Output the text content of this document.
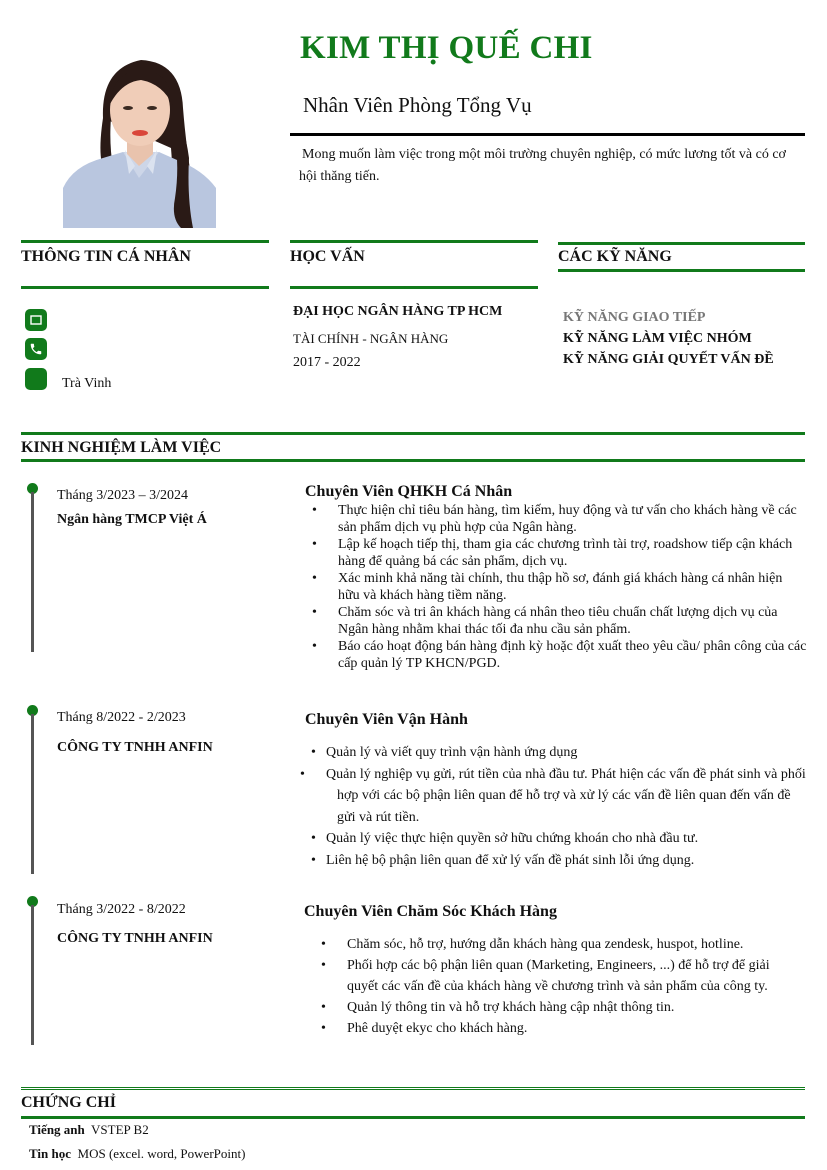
KIM THỊ QUẾ CHI
Nhân Viên Phòng Tổng Vụ
Mong muốn làm việc trong một môi trường chuyên nghiệp, có mức lương tốt và có cơ hội thăng tiến.
THÔNG TIN CÁ NHÂN
Trà Vinh
HỌC VẤN
ĐẠI HỌC NGÂN HÀNG TP HCM
TÀI CHÍNH - NGÂN HÀNG
2017 - 2022
CÁC KỸ NĂNG
KỸ NĂNG GIAO TIẾP
KỸ NĂNG LÀM VIỆC NHÓM
KỸ NĂNG GIẢI QUYẾT VẤN ĐỀ
KINH NGHIỆM LÀM VIỆC
Tháng 3/2023 – 3/2024
Ngân hàng TMCP Việt Á
Chuyên Viên QHKH Cá Nhân
• Thực hiện chỉ tiêu bán hàng, tìm kiếm, huy động và tư vấn cho khách hàng về các sản phẩm dịch vụ phù hợp của Ngân hàng.
• Lập kế hoạch tiếp thị, tham gia các chương trình tài trợ, roadshow tiếp cận khách hàng để quảng bá các sản phẩm, dịch vụ.
• Xác minh khả năng tài chính, thu thập hồ sơ, đánh giá khách hàng cá nhân hiện hữu và khách hàng tiềm năng.
• Chăm sóc và tri ân khách hàng cá nhân theo tiêu chuẩn chất lượng dịch vụ của Ngân hàng nhằm khai thác tối đa nhu cầu sản phẩm.
• Báo cáo hoạt động bán hàng định kỳ hoặc đột xuất theo yêu cầu/ phân công của các cấp quản lý TP KHCN/PGD.
Tháng 8/2022 - 2/2023
CÔNG TY TNHH ANFIN
Chuyên Viên Vận Hành
• Quản lý và viết quy trình vận hành ứng dụng
• Quản lý nghiệp vụ gửi, rút tiền của nhà đầu tư. Phát hiện các vấn đề phát sinh và phối hợp với các bộ phận liên quan để hỗ trợ và xử lý các vấn đề liên quan đến vấn đề gửi và rút tiền.
• Quản lý việc thực hiện quyền sở hữu chứng khoán cho nhà đầu tư.
• Liên hệ bộ phận liên quan để xử lý vấn đề phát sinh lỗi ứng dụng.
Tháng 3/2022 - 8/2022
CÔNG TY TNHH ANFIN
Chuyên Viên Chăm Sóc Khách Hàng
• Chăm sóc, hỗ trợ, hướng dẫn khách hàng qua zendesk, huspot, hotline.
• Phối hợp các bộ phận liên quan (Marketing, Engineers, ...) để hỗ trợ để giải quyết các vấn đề của khách hàng về chương trình và sản phẩm của công ty.
• Quản lý thông tin và hỗ trợ khách hàng cập nhật thông tin.
• Phê duyệt ekyc cho khách hàng.
CHỨNG CHỈ
Tiếng anh VSTEP B2
Tin học MOS (excel. word, PowerPoint)
